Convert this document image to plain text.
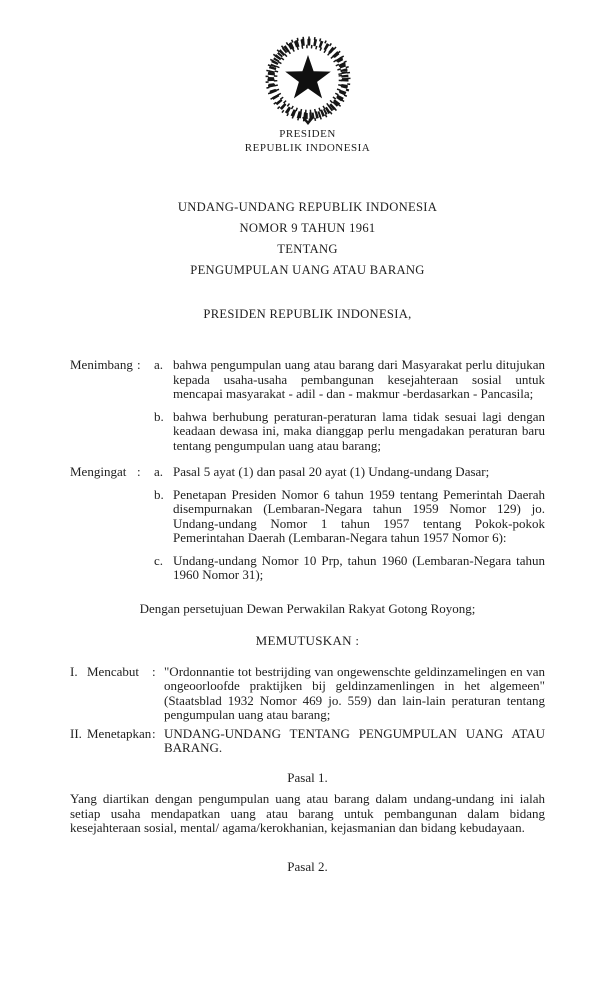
PRESIDEN
REPUBLIK INDONESIA
UNDANG-UNDANG REPUBLIK INDONESIA
NOMOR 9 TAHUN 1961
TENTANG
PENGUMPULAN UANG ATAU BARANG
PRESIDEN REPUBLIK INDONESIA,
Menimbang :	a. bahwa pengumpulan uang atau barang dari Masyarakat perlu ditujukan kepada usaha-usaha pembangunan kesejahteraan sosial untuk mencapai masyarakat - adil - dan - makmur -berdasarkan - Pancasila;
b. bahwa berhubung peraturan-peraturan lama tidak sesuai lagi dengan keadaan dewasa ini, maka dianggap perlu mengadakan peraturan baru tentang pengumpulan uang atau barang;
Mengingat :	a. Pasal 5 ayat (1) dan pasal 20 ayat (1) Undang-undang Dasar;
b. Penetapan Presiden Nomor 6 tahun 1959 tentang Pemerintah Daerah disempurnakan (Lembaran-Negara tahun 1959 Nomor 129) jo. Undang-undang Nomor 1 tahun 1957 tentang Pokok-pokok Pemerintahan Daerah (Lembaran-Negara tahun 1957 Nomor 6):
c. Undang-undang Nomor 10 Prp, tahun 1960 (Lembaran-Negara tahun 1960 Nomor 31);
Dengan persetujuan Dewan Perwakilan Rakyat Gotong Royong;
MEMUTUSKAN :
I. Mencabut	: "Ordonnantie tot bestrijding van ongewenschte geldinzamelingen en van ongeoorloofde praktijken bij geldinzamenlingen in het algemeen" (Staatsblad 1932 Nomor 469 jo. 559) dan lain-lain peraturan tentang pengumpulan uang atau barang;
II. Menetapkan : UNDANG-UNDANG TENTANG PENGUMPULAN UANG ATAU BARANG.
Pasal 1.
Yang diartikan dengan pengumpulan uang atau barang dalam undang-undang ini ialah setiap usaha mendapatkan uang atau barang untuk pembangunan dalam bidang kesejahteraan sosial, mental/ agama/kerokhanian, kejasmanian dan bidang kebudayaan.
Pasal 2.
